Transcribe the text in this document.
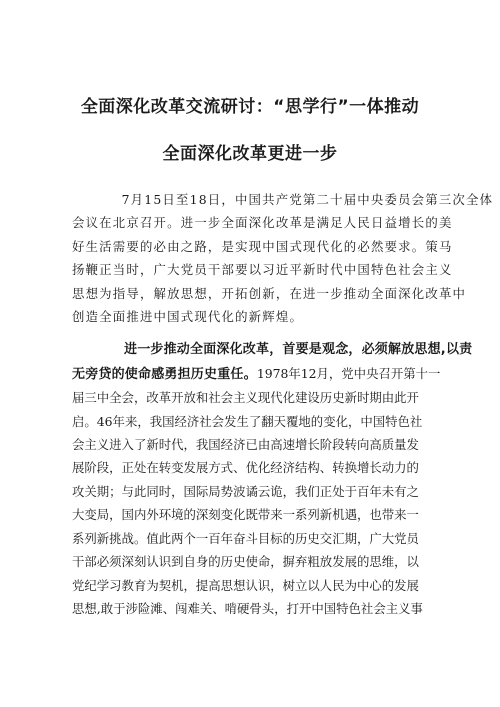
全面深化改革交流研讨：“思学行”一体推动
全面深化改革更进一步

7月15日至18日，中国共产党第二十届中央委员会第三次全体
会议在北京召开。进一步全面深化改革是满足人民日益增长的美
好生活需要的必由之路，是实现中国式现代化的必然要求。策马
扬鞭正当时，广大党员干部要以习近平新时代中国特色社会主义
思想为指导，解放思想，开拓创新，在进一步推动全面深化改革中
创造全面推进中国式现代化的新辉煌。

进一步推动全面深化改革，首要是观念，必须解放思想,以责
无旁贷的使命感勇担历史重任。1978年12月，党中央召开第十一
届三中全会，改革开放和社会主义现代化建设历史新时期由此开
启。46年来，我国经济社会发生了翻天覆地的变化，中国特色社
会主义进入了新时代，我国经济已由高速增长阶段转向高质量发
展阶段，正处在转变发展方式、优化经济结构、转换增长动力的
攻关期；与此同时，国际局势波谲云诡，我们正处于百年未有之
大变局，国内外环境的深刻变化既带来一系列新机遇，也带来一
系列新挑战。值此两个一百年奋斗目标的历史交汇期，广大党员
干部必须深刻认识到自身的历史使命，摒弃粗放发展的思维，以
党纪学习教育为契机，提高思想认识，树立以人民为中心的发展
思想,敢于涉险滩、闯难关、啃硬骨头，打开中国特色社会主义事
